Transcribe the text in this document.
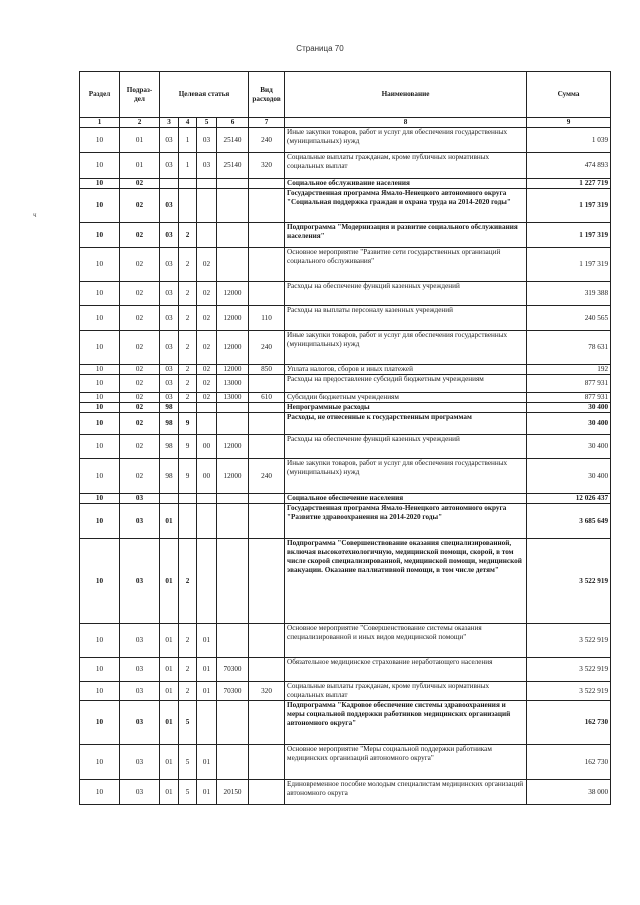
Страница 70
ч
Раздел	Подраз-дел	Целевая статья				Вид расходов	Наименование	Сумма
1	2	3	4	5	6	7	8	9
10	01	03	1	03	25140	240	Иные закупки товаров, работ и услуг для обеспечения государственных (муниципальных) нужд	1 039
10	01	03	1	03	25140	320	Социальные выплаты гражданам, кроме публичных нормативных социальных выплат	474 893
10	02						Социальное обслуживание населения	1 227 719
10	02	03					Государственная программа Ямало-Ненецкого автономного округа "Социальная поддержка граждан и охрана труда на 2014-2020 годы"	1 197 319
10	02	03	2				Подпрограмма "Модернизация и развитие социального обслуживания населения"	1 197 319
10	02	03	2	02			Основное мероприятие "Развитие сети государственных организаций социального обслуживания"	1 197 319
10	02	03	2	02	12000		Расходы на обеспечение функций казенных учреждений	319 388
10	02	03	2	02	12000	110	Расходы на выплаты персоналу казенных учреждений	240 565
10	02	03	2	02	12000	240	Иные закупки товаров, работ и услуг для обеспечения государственных (муниципальных) нужд	78 631
10	02	03	2	02	12000	850	Уплата налогов, сборов и иных платежей	192
10	02	03	2	02	13000		Расходы на предоставление субсидий бюджетным учреждениям	877 931
10	02	03	2	02	13000	610	Субсидии бюджетным учреждениям	877 931
10	02	98					Непрограммные расходы	30 400
10	02	98	9				Расходы, не отнесенные к государственным программам	30 400
10	02	98	9	00	12000		Расходы на обеспечение функций казенных учреждений	30 400
10	02	98	9	00	12000	240	Иные закупки товаров, работ и услуг для обеспечения государственных (муниципальных) нужд	30 400
10	03						Социальное обеспечение населения	12 026 437
10	03	01					Государственная программа Ямало-Ненецкого автономного округа "Развитие здравоохранения на 2014-2020 годы"	3 685 649
10	03	01	2				Подпрограмма "Совершенствование оказания специализированной, включая высокотехнологичную, медицинской помощи, скорой, в том числе скорой специализированной, медицинской помощи, медицинской эвакуации. Оказание паллиативной помощи, в том числе детям"	3 522 919
10	03	01	2	01			Основное мероприятие "Совершенствование системы оказания специализированной и иных видов медицинской помощи"	3 522 919
10	03	01	2	01	70300		Обязательное медицинское страхование неработающего населения	3 522 919
10	03	01	2	01	70300	320	Социальные выплаты гражданам, кроме публичных нормативных социальных выплат	3 522 919
10	03	01	5				Подпрограмма "Кадровое обеспечение системы здравоохранения и меры социальной поддержки работников медицинских организаций автономного округа"	162 730
10	03	01	5	01			Основное мероприятие "Меры социальной поддержки работникам медицинских организаций автономного округа"	162 730
10	03	01	5	01	20150		Единовременное пособие молодым специалистам медицинских организаций автономного округа	38 000
